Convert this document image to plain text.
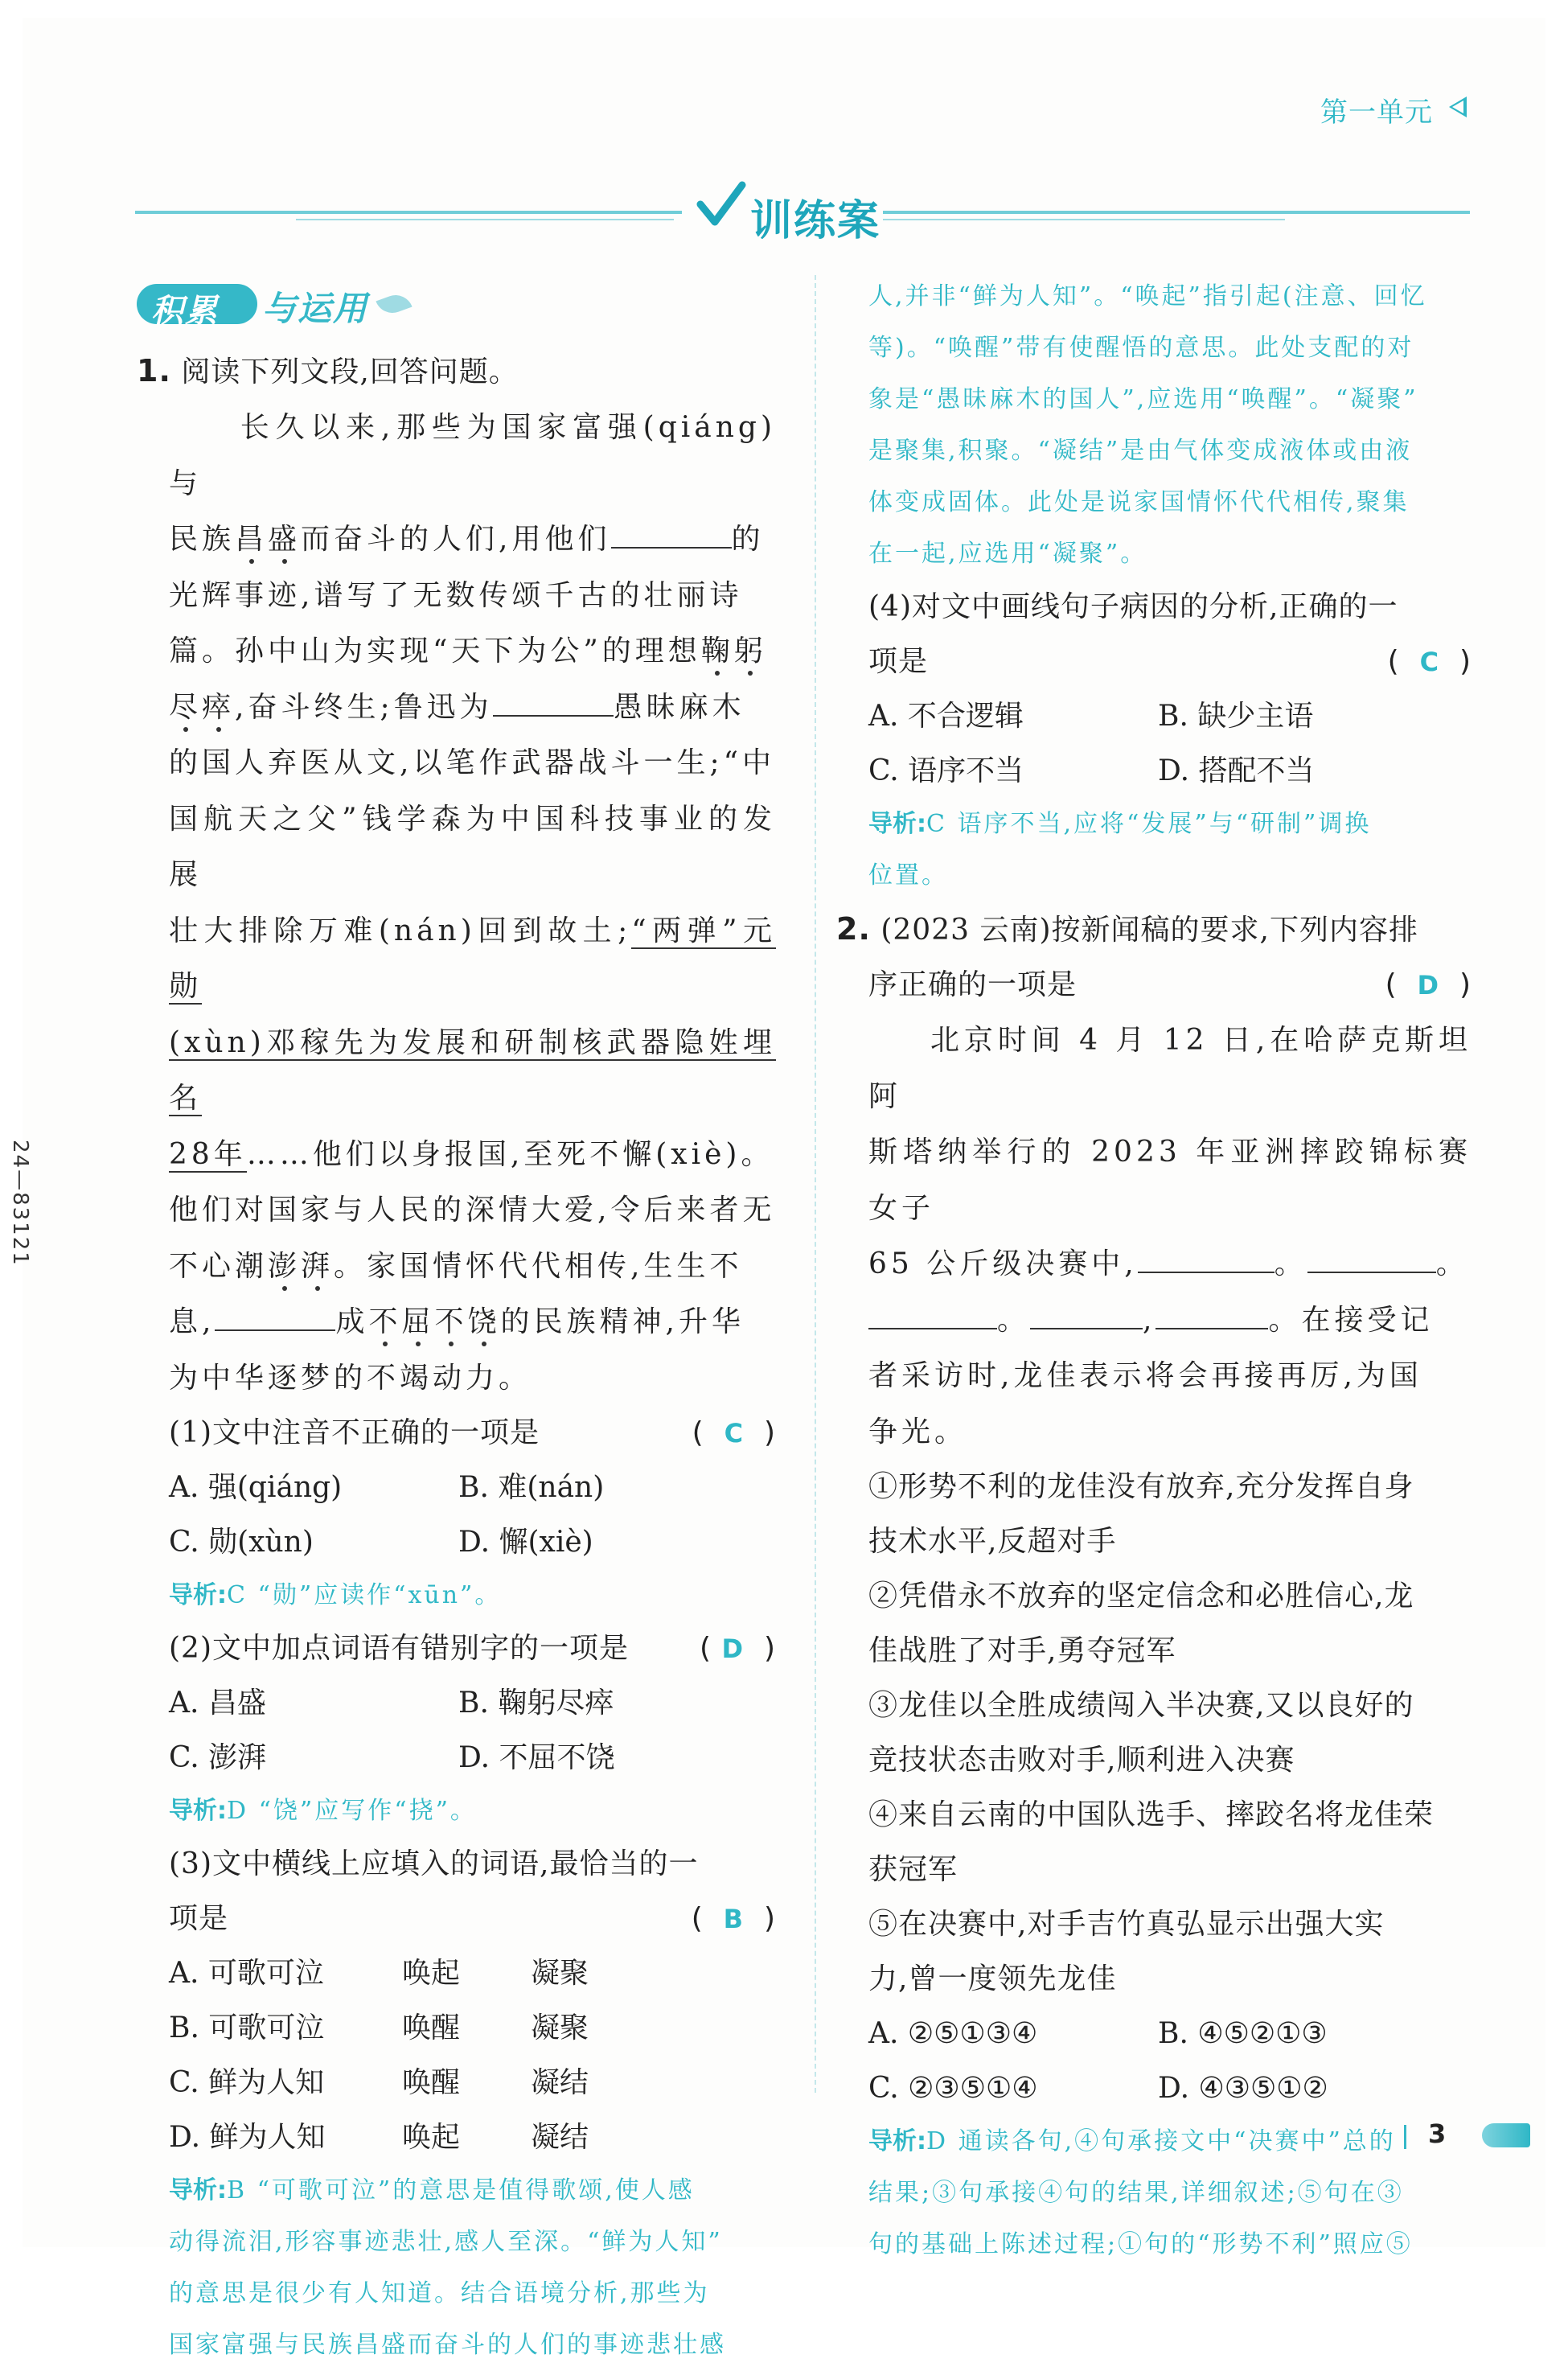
第一单元
训练案
24—83121
积累 与运用
1. 阅读下列文段,回答问题。
长久以来,那些为国家富强(qiáng)与
民族昌盛而奋斗的人们,用他们	的
光辉事迹,谱写了无数传颂千古的壮丽诗
篇。孙中山为实现“天下为公”的理想鞠躬
尽瘁,奋斗终生;鲁迅为	愚昧麻木
的国人弃医从文,以笔作武器战斗一生;“中
国航天之父”钱学森为中国科技事业的发展
壮大排除万难(nán)回到故土;“两弹”元勋
(xùn)邓稼先为发展和研制核武器隐姓埋名
28年……他们以身报国,至死不懈(xiè)。
他们对国家与人民的深情大爱,令后来者无
不心潮澎湃。家国情怀代代相传,生生不
息,	成不屈不饶的民族精神,升华
为中华逐梦的不竭动力。
(1)文中注音不正确的一项是	(  C  )
A. 强(qiáng)	B. 难(nán)
C. 勋(xùn)	D. 懈(xiè)
导析:C “勋”应读作“xūn”。
(2)文中加点词语有错别字的一项是 ( D  )
A. 昌盛	B. 鞠躬尽瘁
C. 澎湃	D. 不屈不饶
导析:D “饶”应写作“挠”。
(3)文中横线上应填入的词语,最恰当的一
项是	(  B  )
A. 可歌可泣	唤起	凝聚
B. 可歌可泣	唤醒	凝聚
C. 鲜为人知	唤醒	凝结
D. 鲜为人知	唤起	凝结
导析:B “可歌可泣”的意思是值得歌颂,使人感
动得流泪,形容事迹悲壮,感人至深。“鲜为人知”
的意思是很少有人知道。结合语境分析,那些为
国家富强与民族昌盛而奋斗的人们的事迹悲壮感
人,并非“鲜为人知”。“唤起”指引起(注意、回忆
等)。“唤醒”带有使醒悟的意思。此处支配的对
象是“愚昧麻木的国人”,应选用“唤醒”。“凝聚”
是聚集,积聚。“凝结”是由气体变成液体或由液
体变成固体。此处是说家国情怀代代相传,聚集
在一起,应选用“凝聚”。
(4)对文中画线句子病因的分析,正确的一
项是	(  C  )
A. 不合逻辑	B. 缺少主语
C. 语序不当	D. 搭配不当
导析:C 语序不当,应将“发展”与“研制”调换
位置。
2. (2023 云南)按新闻稿的要求,下列内容排
序正确的一项是	(  D  )
北京时间 4 月 12 日,在哈萨克斯坦阿
斯塔纳举行的 2023 年亚洲摔跤锦标赛女子
65 公斤级决赛中,	。	。
。	,	。在接受记
者采访时,龙佳表示将会再接再厉,为国
争光。
①形势不利的龙佳没有放弃,充分发挥自身
技术水平,反超对手
②凭借永不放弃的坚定信念和必胜信心,龙
佳战胜了对手,勇夺冠军
③龙佳以全胜成绩闯入半决赛,又以良好的
竞技状态击败对手,顺利进入决赛
④来自云南的中国队选手、摔跤名将龙佳荣
获冠军
⑤在决赛中,对手吉竹真弘显示出强大实
力,曾一度领先龙佳
A. ②⑤①③④	B. ④⑤②①③
C. ②③⑤①④	D. ④③⑤①②
导析:D 通读各句,④句承接文中“决赛中”总的
结果;③句承接④句的结果,详细叙述;⑤句在③
句的基础上陈述过程;①句的“形势不利”照应⑤
3
